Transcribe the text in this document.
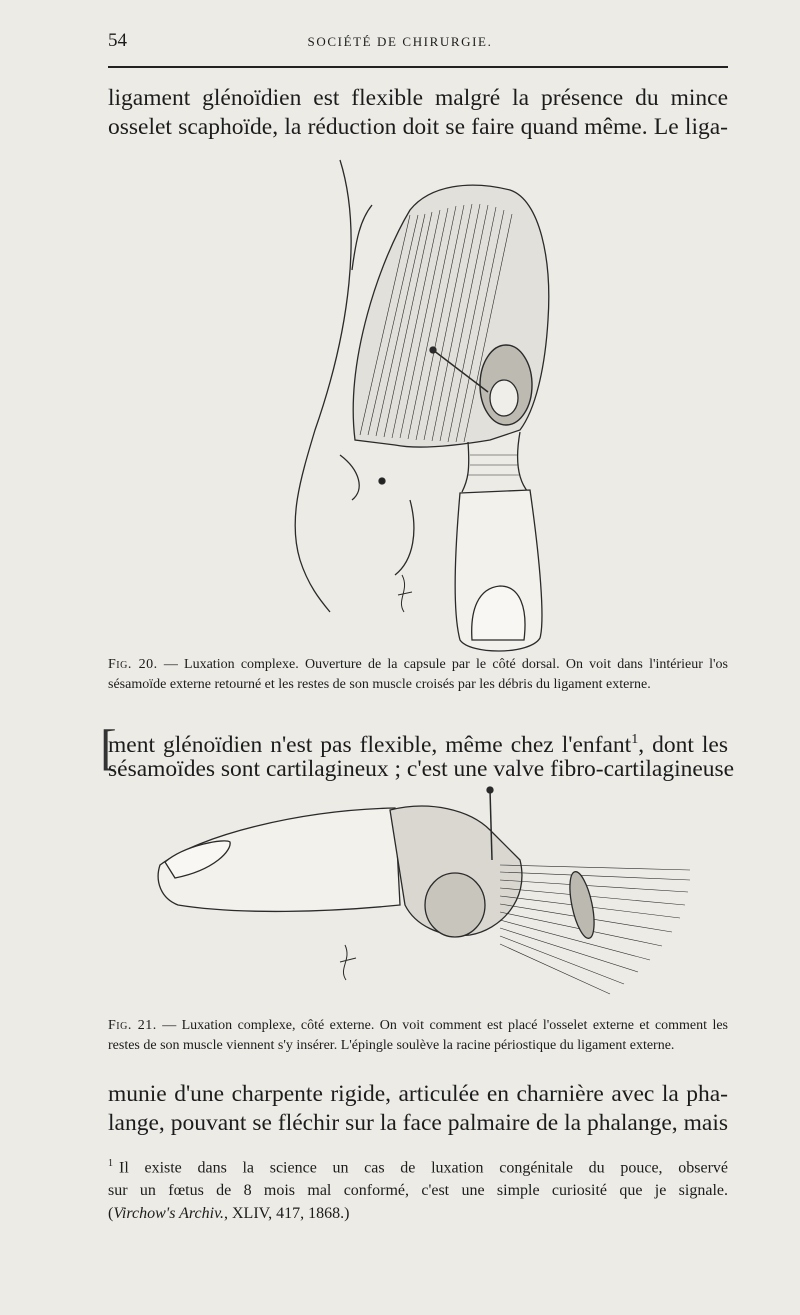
54	SOCIÉTÉ DE CHIRURGIE.
ligament glénoïdien est flexible malgré la présence du mince
osselet scaphoïde, la réduction doit se faire quand même. Le liga-
Fig. 20. — Luxation complexe. Ouverture de la capsule par le côté dorsal. On voit dans l'intérieur l'os sésamoïde externe retourné et les restes de son muscle croisés par les débris du ligament externe.
[
ment glénoïdien n'est pas flexible, même chez l'enfant$^1$, dont les
sésamoïdes sont cartilagineux ; c'est une valve fibro-cartilagineuse
Fig. 21. — Luxation complexe, côté externe. On voit comment est placé l'osselet externe et comment les restes de son muscle viennent s'y insérer. L'épingle soulève la racine périostique du ligament externe.
munie d'une charpente rigide, articulée en charnière avec la pha-
lange, pouvant se fléchir sur la face palmaire de la phalange, mais
$^1$ Il existe dans la science un cas de luxation congénitale du pouce, observé
sur un fœtus de 8 mois mal conformé, c'est une simple curiosité que je signale.
(Virchow's Archiv., XLIV, 417, 1868.)
